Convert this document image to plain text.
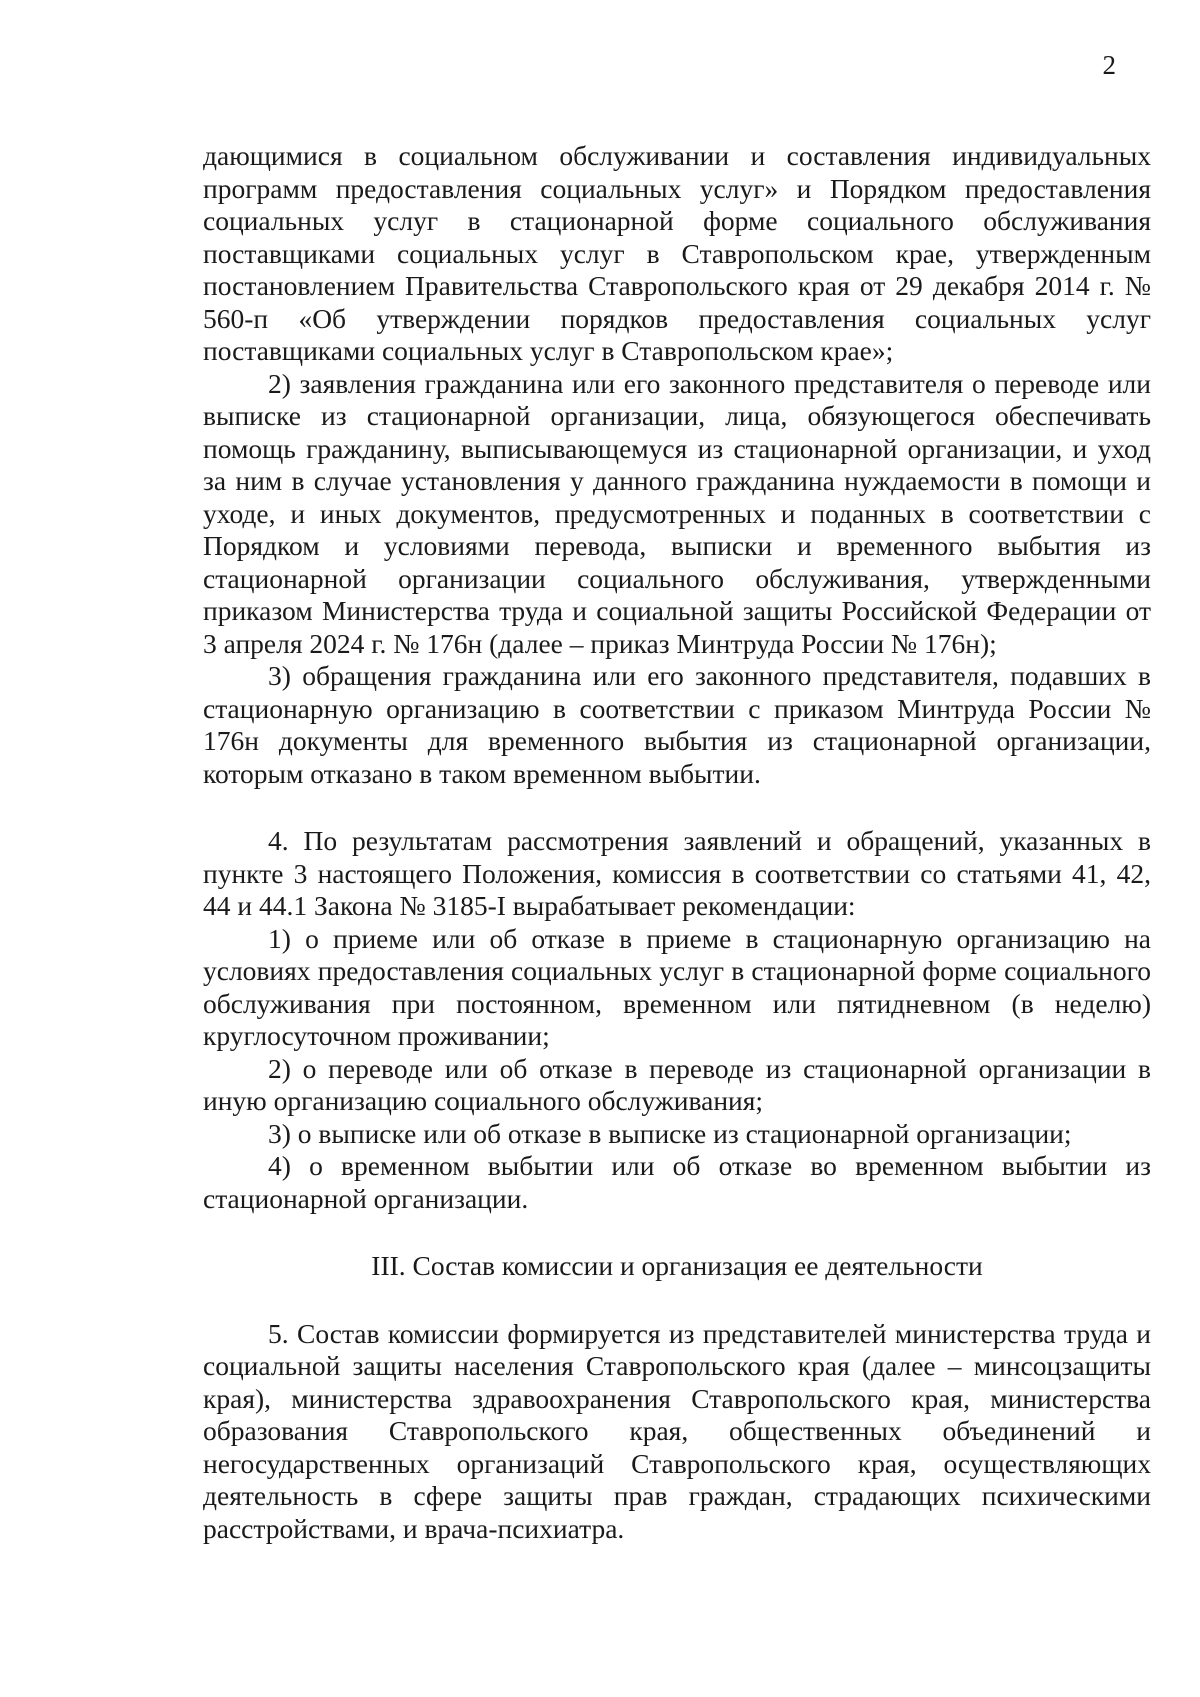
2

дающимися в социальном обслуживании и составления индивидуальных программ предоставления социальных услуг» и Порядком предоставления социальных услуг в стационарной форме социального обслуживания поставщиками социальных услуг в Ставропольском крае, утвержденным постановлением Правительства Ставропольского края от 29 декабря 2014 г. № 560-п «Об утверждении порядков предоставления социальных услуг поставщиками социальных услуг в Ставропольском крае»;

2) заявления гражданина или его законного представителя о переводе или выписке из стационарной организации, лица, обязующегося обеспечивать помощь гражданину, выписывающемуся из стационарной организации, и уход за ним в случае установления у данного гражданина нуждаемости в помощи и уходе, и иных документов, предусмотренных и поданных в соответствии с Порядком и условиями перевода, выписки и временного выбытия из стационарной организации социального обслуживания, утвержденными приказом Министерства труда и социальной защиты Российской Федерации от 3 апреля 2024 г. № 176н (далее – приказ Минтруда России № 176н);

3) обращения гражданина или его законного представителя, подавших в стационарную организацию в соответствии с приказом Минтруда России № 176н документы для временного выбытия из стационарной организации, которым отказано в таком временном выбытии.

4. По результатам рассмотрения заявлений и обращений, указанных в пункте 3 настоящего Положения, комиссия в соответствии со статьями 41, 42, 44 и 44.1 Закона № 3185-I вырабатывает рекомендации:

1) о приеме или об отказе в приеме в стационарную организацию на условиях предоставления социальных услуг в стационарной форме социального обслуживания при постоянном, временном или пятидневном (в неделю) круглосуточном проживании;

2) о переводе или об отказе в переводе из стационарной организации в иную организацию социального обслуживания;

3) о выписке или об отказе в выписке из стационарной организации;

4) о временном выбытии или об отказе во временном выбытии из стационарной организации.

III. Состав комиссии и организация ее деятельности

5. Состав комиссии формируется из представителей министерства труда и социальной защиты населения Ставропольского края (далее – минсоцзащиты края), министерства здравоохранения Ставропольского края, министерства образования Ставропольского края, общественных объединений и негосударственных организаций Ставропольского края, осуществляющих деятельность в сфере защиты прав граждан, страдающих психическими расстройствами, и врача-психиатра.
